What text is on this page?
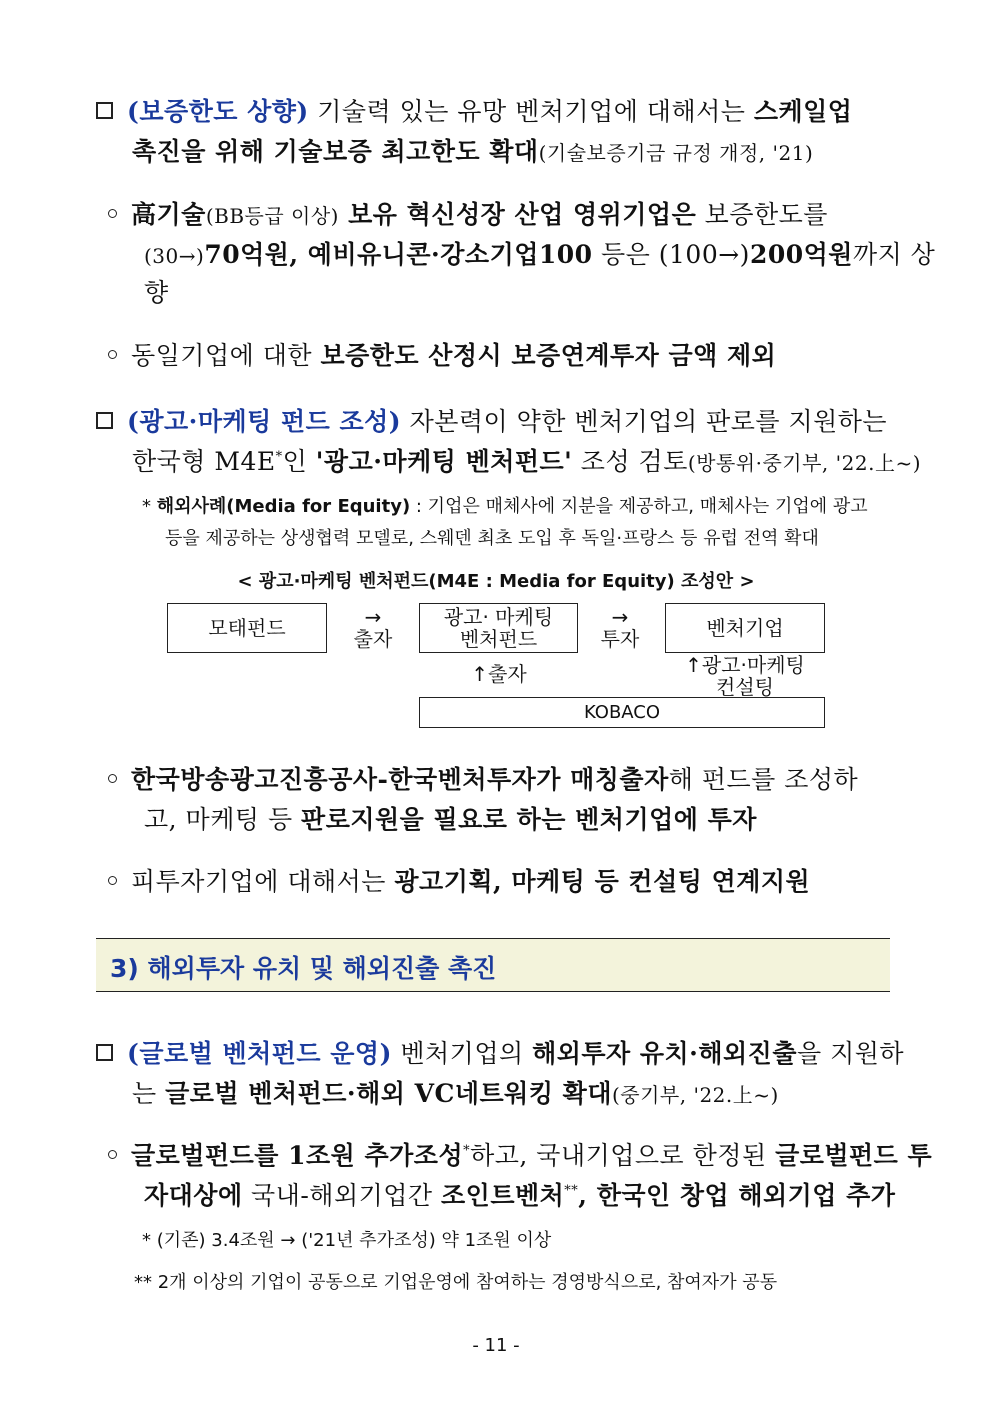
(보증한도 상향) 기술력 있는 유망 벤처기업에 대해서는 스케일업
촉진을 위해 기술보증 최고한도 확대(기술보증기금 규정 개정, '21)
高기술(BB등급 이상) 보유 혁신성장 산업 영위기업은 보증한도를
(30→)70억원, 예비유니콘·강소기업100 등은 (100→)200억원까지 상
향
동일기업에 대한 보증한도 산정시 보증연계투자 금액 제외
(광고·마케팅 펀드 조성) 자본력이 약한 벤처기업의 판로를 지원하는
한국형 M4E*인 '광고·마케팅 벤처펀드' 조성 검토(방통위·중기부, '22.上~)
* 해외사례(Media for Equity) : 기업은 매체사에 지분을 제공하고, 매체사는 기업에 광고
등을 제공하는 상생협력 모델로, 스웨덴 최초 도입 후 독일·프랑스 등 유럽 전역 확대
< 광고·마케팅 벤처펀드(M4E : Media for Equity) 조성안 >
모태펀드	→
출자
광고· 마케팅
벤처펀드
→
투자	벤처기업
↑출자	↑광고·마케팅
컨설팅
KOBACO
한국방송광고진흥공사-한국벤처투자가 매칭출자해 펀드를 조성하
고, 마케팅 등 판로지원을 필요로 하는 벤처기업에 투자
피투자기업에 대해서는 광고기획, 마케팅 등 컨설팅 연계지원
3) 해외투자 유치 및 해외진출 촉진
(글로벌 벤처펀드 운영) 벤처기업의 해외투자 유치·해외진출을 지원하
는 글로벌 벤처펀드·해외 VC네트워킹 확대(중기부, '22.上~)
글로벌펀드를 1조원 추가조성*하고, 국내기업으로 한정된 글로벌펀드 투
자대상에 국내-해외기업간 조인트벤처**, 한국인 창업 해외기업 추가
* (기존) 3.4조원 → ('21년 추가조성) 약 1조원 이상
** 2개 이상의 기업이 공동으로 기업운영에 참여하는 경영방식으로, 참여자가 공동
- 11 -
